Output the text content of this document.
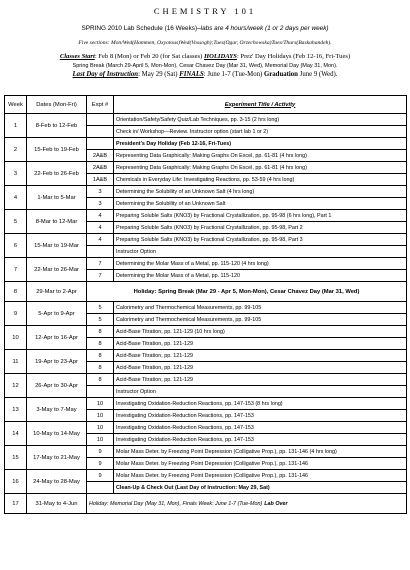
CHEMISTRY 101
SPRING 2010 Lab Schedule (16 Weeks)–labs are 4 hours/week (1 or 2 days per week)
Five sections: Mon/Wed(Hammen, Oxyotous)Wed(Vossogh);Tues(Ogar, Orzechowska)Tues/Thurs(Baskahandeh).
Classes Start: Feb 8 (Mon) or Feb 20 (for Sat classes) HOLIDAYS: Prez' Day Holidays (Feb 12-16, Fri-Tues)
Spring Break (March 29-April 5, Mon-Mon), Cesar Chavez Day (Mar 31, Wed), Memorial Day (May 31, Mon).
Last Day of Instruction: May 29 (Sat) FINALS: June 1-7 (Tue-Mon) Graduation June 9 (Wed).
Week	Dates (Mon-Fri)	Expt #	Experiment Title / Activity
1	8-Feb to 12-Feb		Orientation/Safety/Safety Quiz/Lab Techniques, pp. 3-15 (2 hrs long)
			Check in/ Workshop—Review. Instructor option (start lab 1 or 2)
2	15-Feb to 19-Feb		President's Day Holiday (Feb 12-16, Fri-Tues)
		2A&B	Representing Data Graphically: Making Graphs On Excel, pp. 61-81 (4 hrs long)
3	22-Feb to 26-Feb	2A&B	Representing Data Graphically: Making Graphs On Excel, pp. 61-81 (4 hrs long)
		1A&B	Chemicals in Everyday Life: Investigating Reactions, pp. 53-59 (4 hrs long)
4	1-Mar to 5-Mar	3	Determining the Solubility of an Unknown Salt (4 hrs long)
		3	Determining the Solubility of an Unknown Salt
5	8-Mar to 12-Mar	4	Preparing Soluble Salts (KNO3) by Fractional Crystallization, pp. 95-98 (6 hrs long), Part 1
		4	Preparing Soluble Salts (KNO3) by Fractional Crystallization, pp. 95-98, Part 2
6	15-Mar to 19-Mar	4	Preparing Soluble Salts (KNO3) by Fractional Crystallization, pp. 95-98, Part 3
			Instructor Option
7	22-Mar to 26-Mar	7	Determining the Molar Mass of a Metal, pp. 115-120 (4 hrs long)
		7	Determining the Molar Mass of a Metal, pp. 115-120
8	29-Mar to 2-Apr	Holiday: Spring Break (Mar 29 - Apr 5, Mon-Mon), Cesar Chavez Day (Mar 31, Wed)	
9	5-Apr to 9-Apr	5	Calorimetry and Thermochemical Measurements, pp. 99-105
		5	Calorimetry and Thermochemical Measurements, pp. 99-105
10	12-Apr to 16-Apr	8	Acid-Base Titration, pp. 121-129 (10 hrs long)
		8	Acid-Base Titration, pp. 121-129
11	19-Apr to 23-Apr	8	Acid-Base Titration, pp. 121-129
		8	Acid-Base Titration, pp. 121-129
12	26-Apr to 30-Apr	8	Acid-Base Titration, pp. 121-129
			Instructor Option
13	3-May to 7-May	10	Investigating Oxidation-Reduction Reactions, pp. 147-153 (8 hrs long)
		10	Investigating Oxidation-Reduction Reactions, pp. 147-153
14	10-May to 14-May	10	Investigating Oxidation-Reduction Reactions, pp. 147-153
		10	Investigating Oxidation-Reduction Reactions, pp. 147-153
15	17-May to 21-May	9	Molar Mass Deter. by Freezing Point Depression (Colligative Prop.), pp. 131-146 (4 hrs long)
		9	Molar Mass Deter. by Freezing Point Depression (Colligative Prop.), pp. 131-146
16	24-May to 28-May	9	Molar Mass Deter. by Freezing Point Depression (Colligative Prop.), pp. 131-146
			Clean-Up & Check Out (Last Day of Instruction: May 29, Sat)
17	31-May to 4-Jun	Holiday: Memorial Day (May 31, Mon), Finals Week: June 1-7 (Tue-Mon) Lab Over	
